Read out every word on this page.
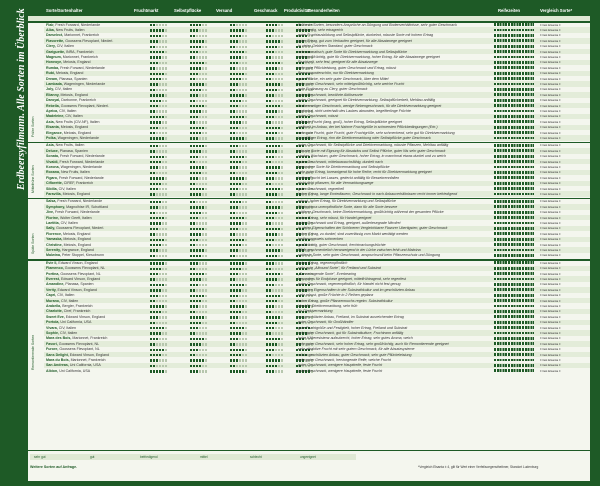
Erdbeersyfilmann. Alle Sorten im Überblick	Sorte/Sortenhalter	Fruchtmarkt	Selbstpflücke	Versand	Geschmack Produktivität
Besonderheiten	Reifezeiten	Vergleich Sorte*
sehr gut	gut	befriedigend	mittel	schlecht	ungeeignet
Weitere Sorten auf Anfrage.	*Vergleich Elsanta ± 4, gilt für Wert einer Verfeilsoegenstheibner, Standort Ludenburg
Flair, Fresh Forward, Niederlande	Früheste Sorten, besonders Ansprüche an Düngung und Bodenverhältnisse, sehr guter Geschmack	± fast Elsanta ±
Alba, New Fruits, Italien	Hochwertig, sehr ertragreich	± fast Elsanta ±
Darselect, Marionnet, Frankreich	guter Fruchtausbildung und Selbstpflücke, dunkelrot, robuste Sorte mit hohem Ertrag	± fast Elsanta ±
Flavorette, Goossens Flevoplant, Niederl.	guter Ertrag, gut zum Verkaufen geeignet, für alle Absatzwege geeignet	± fast Elsanta ±
Clery, CIV, Italien	in vielen Gebieten Standard, guter Geschmack	± fast Elsanta ±
Gariguette, INRA, Frankreich	sehr aromatisch, gute Sorte für Direktvermarktung und Selbstpflücke	± fast Elsanta ±
Magnum, Marionnet, Frankreich	sehr großfrüchtig, gute für Direktvermarktung, hoher Ertrag, für alle Absatzwege geeignet	± fast Elsanta ±
Honeoye, Meiosis, England	Fruchtzeit, sehr fest, geeignet für alle Absatzwege	± fast Elsanta ±
Rumba, Fresh Forward, Niederlande	sehr gute Pflückleistung, guter Geschmack und Ertrag, robust	± fast Elsanta ±
Rubi, Meiosis, England	Beerenwunderschön, nur für Direktvermarktung	± fast Elsanta ±
Dream, Planasa, Spanien	gute Pflücke, ein sehr guter Geschmack, über dem Mittel	± fast Elsanta ±
Lambada, Wageningen, Niederlande	sehr guter Geschmack, sehr mittelgroßfrüchtig, sehr weiche Frucht	± fast Elsanta ±
Joly, CIV, Italien	gute Ergänzung zu Clery, guter Geschmack	± fast Elsanta ±
Elianny, Meiosis, England	guter Geschmack, bewährte Ablösesorte	± fast Elsanta ±
Daroyal, Darbonne, Frankreich	guter Geschmack, geeignet für Direktvermarktung, Selbstpflückerbeit, Mehltau anfällig	± fast Elsanta ±
Rebella, Goossens Flevoplant, Niederl.	Erdbeerartiger Geschmack, wenige Nebengeschmack, für die Direktvermarktung geeignet	± fast Elsanta ±
Aprica, CIV, Italien	regionbal, nicht unterhalb des Laubes abrunden, begeifterlinge Früchte	± fast Elsanta ±
Madeleine, CIV, Italien	guter Geschmack, robust	± fast Elsanta ±
Asia, New Fruits (CIV-NF), Italien	früheste Frucht (lang, groß), hoher Ertrag, Selbstpflücke geeignet	± fast Elsanta ±
Elsanta, Meiosis, England	weltweit im Anbau, der bei Nahme Fruchtgröße in schwersten Pflückbedingungen (Ertr.)	± fast Elsanta ±
Elegance, Meiosis, England	sehr gute Frucht, gute Frucht, gute Fruchtgröße, sehr schmeckend, sehr gut für Direktvermarktung	± fast Elsanta ±
Polka, Wageningen, Niederlande	im mäßiger Ertrag, rhm die Direktvermarktung oder Selbstpflücke guter Geschmack	± fast Elsanta ±
Frühe Sorten
Asia, New Fruits, Italien	guter Geschmack, für Selbstpflücke und Direktvermarktung, robuste Pflanzen, Mehltau anfällig	± fast Elsanta ±
Deluxe, Planasa, Spanien	robuste Sorte mit Eignung für Absatzlos und Selbst Pflücke, guter Nis sehr guter Geschmack	± fast Elsanta ±
Sonata, Fresh Forward, Niederlande	starkes Wachstum, guter Geschmack, hoher Ertrag, in manchmal etwas dunkel und zu weich	± fast Elsanta ±
Vivaldi, Fresh Forward, Niederlande	guter Geschmack, mittelauswuchsfähig, dunkelt nach	± fast Elsanta ±
Korona, Wageningen, Niederlande	besondere Sorte für Direktvermarktung und Selbstpflücke	± fast Elsanta ±
Roxana, New Fruits, Italien	sehr guter Ertrag, koreanigend für hohe Reihe, recht für Direktvermarktung geeignet	± fast Elsanta ±
Figaro, Fresh Forward, Niederlande	hellere Frucht bei Lasses, gedeckt anfällig für Bessebrennfallen	± fast Elsanta ±
Ciflorette, CIREF, Frankreich	nicht dicht pflanzen, für alle Vermarktungswege	± fast Elsanta ±
Sibilla, CIV, Italien	guter Geschmack, regnethell	± fast Elsanta ±
Faravilla, Meiosis, England	hoher Ertrag, lange Erntedlauern, Geschmack in nach Anbauverhältnissen recht immer befriedigend	± fast Elsanta ±
Mittelfrühe Sorten
Salsa, Fresh Forward, Niederlande	robust, hoher Ertrag, für Direktvermarktung und Selbstpflücke	± fast Elsanta ±
Symphony, Magnolhise IR, Schottland	Phytophtora unempfindliche Sorte, dann für alle Sorte bessere	± fast Elsanta ±
Jive, Fresh Forward, Niederlande	mittlerer Geschmack, keine Direktvermarktung, großfrüchtig während der gesamten Pflücke	± fast Elsanta ±
Florine, Wolter Geeft, Italien	hoher Ertrag, sehr robust, für Handel geeignet	± fast Elsanta ±
Laetitia, CIV, Italien	guter Geschmack und Ertrag, geeignet, außerlesegrade Nitrofrei	± fast Elsanta ±
Sally, Goossens Flevoplant, Niederl.	in vielen Eigenschaften der Schöneren Vergleichbarer Flavorer Ubertigsten, guter Geschmack	± fast Elsanta ±
Florence, Meiosis, England	hoher Ertrag, zu dunkel, sind zuverlässig vom Markt wertätigt werden	± fast Elsanta ±
Yamaska, Meiosis, England	bedienungsweis schmecken	± fast Elsanta ±
Christine, Meiosis, England	großfrüchtig, guter Geschmack, frechtmackungsfrüchte	± fast Elsanta ±
Serenity, Hargrance, England	Pilzfr geschmeckelich heranzeigend in der Lücke zwischen fehlt und Malwina	± fast Elsanta ±
Malwina, Peter Stoppel, Kiesobrunn	späteste Sorte, sehr guter Geschmack, anspruchsvoll beim Pflanzenschutz und Düngung	± fast Elsanta ±
Späte Sorten
Evie II, Edward Vinson, England	hoher Ertrag, regenempfindlich	± fast Elsanta ±
Flamenco, Goossens Flevoplant, NL	sehr gute „Allround Sorte", für Freiland und Substrat	± fast Elsanta ±
Portina, Goossens Flevoplant, NL	„Sonnetragende Sorte", Everbearing	± fast Elsanta ±
Everest, Edward Vinson, England	besonders für Endphase geeignet, mittelfrühtragend, sehr regenfest	± fast Elsanta ±
Amandine, Planasa, Spanien	guter Geschmack, regenempfindlich, für Handel nicht fest genug	± fast Elsanta ±
Verity, Edward Vinson, England	mit guten Eigenschaften in der Substrathkultur und im geschützten Anbau	± fast Elsanta ±
Capri, CIV, Italien	sehr robust, große Früchte in 2 Reihen geplanz	± fast Elsanta ±
Murano, CIV, Italien	hoher Ertrag, große Pflanzenwuchs regelm. Substrathkultur	± fast Elsanta ±
Arabella, Bergler, Frankreich	ideal für Direktvermarktung, sehr früh	± fast Elsanta ±
Charlotte, Ciref, Frankreich	für Direktvermarktung	± fast Elsanta ±
Sweet Eve, Edward Vinson, England	nur geschützter Anbau, Freiland, im Substrat ausreichender Ertrag	± fast Elsanta ±
Portola, Uni California, USA	guter Geschmack, für Großhändler	± fast Elsanta ±
Vivara, CIV, Italien	gute Fruchtgröße und Festigkeit, hoher Ertrag, Freiland und Substrat	± fast Elsanta ±
Sophie, CIV, Italien	sehr guter Geschmack, gut für Substratkulture, Fruchtrann anfällig	± fast Elsanta ±
Mara des Bois, Marionnet, Frankreich	hohe Kälteresistenz aufzubrecht, hoher Ertrag, sehr gutes Aroma, weich	± fast Elsanta ±
Favori, Goossens Flevoplant, NL	sehr guter Geschmack, sehr hoher Ertrag, sehr großfrüchtig, auch für Remontierende geeignet	± fast Elsanta ±
Furore, Goossens Flevoplant, NL	sehr attraktive Frucht mit sehr gutem Geschmack, für alle Absatzsysteme	± fast Elsanta ±
Sans Delight, Edward Vinson, England	mit im geschützten Anbau, guter Geschmack, sehr gute Pflückeleistung	± fast Elsanta ±
Mara du Bois, Marionnet, Frankreich	sehr guter Geschmack, herviorgende Reife, weiche Frucht	± fast Elsanta ±
San Andreas, Uni California, USA	guter Geschmack, wenigere Haupttrelle, feste Frucht	± fast Elsanta ±
Albion, Uni California, USA	guter Geschmack, wenigere Haupttrelle, feste Frucht	± fast Elsanta ±
Remontierende Sorten
